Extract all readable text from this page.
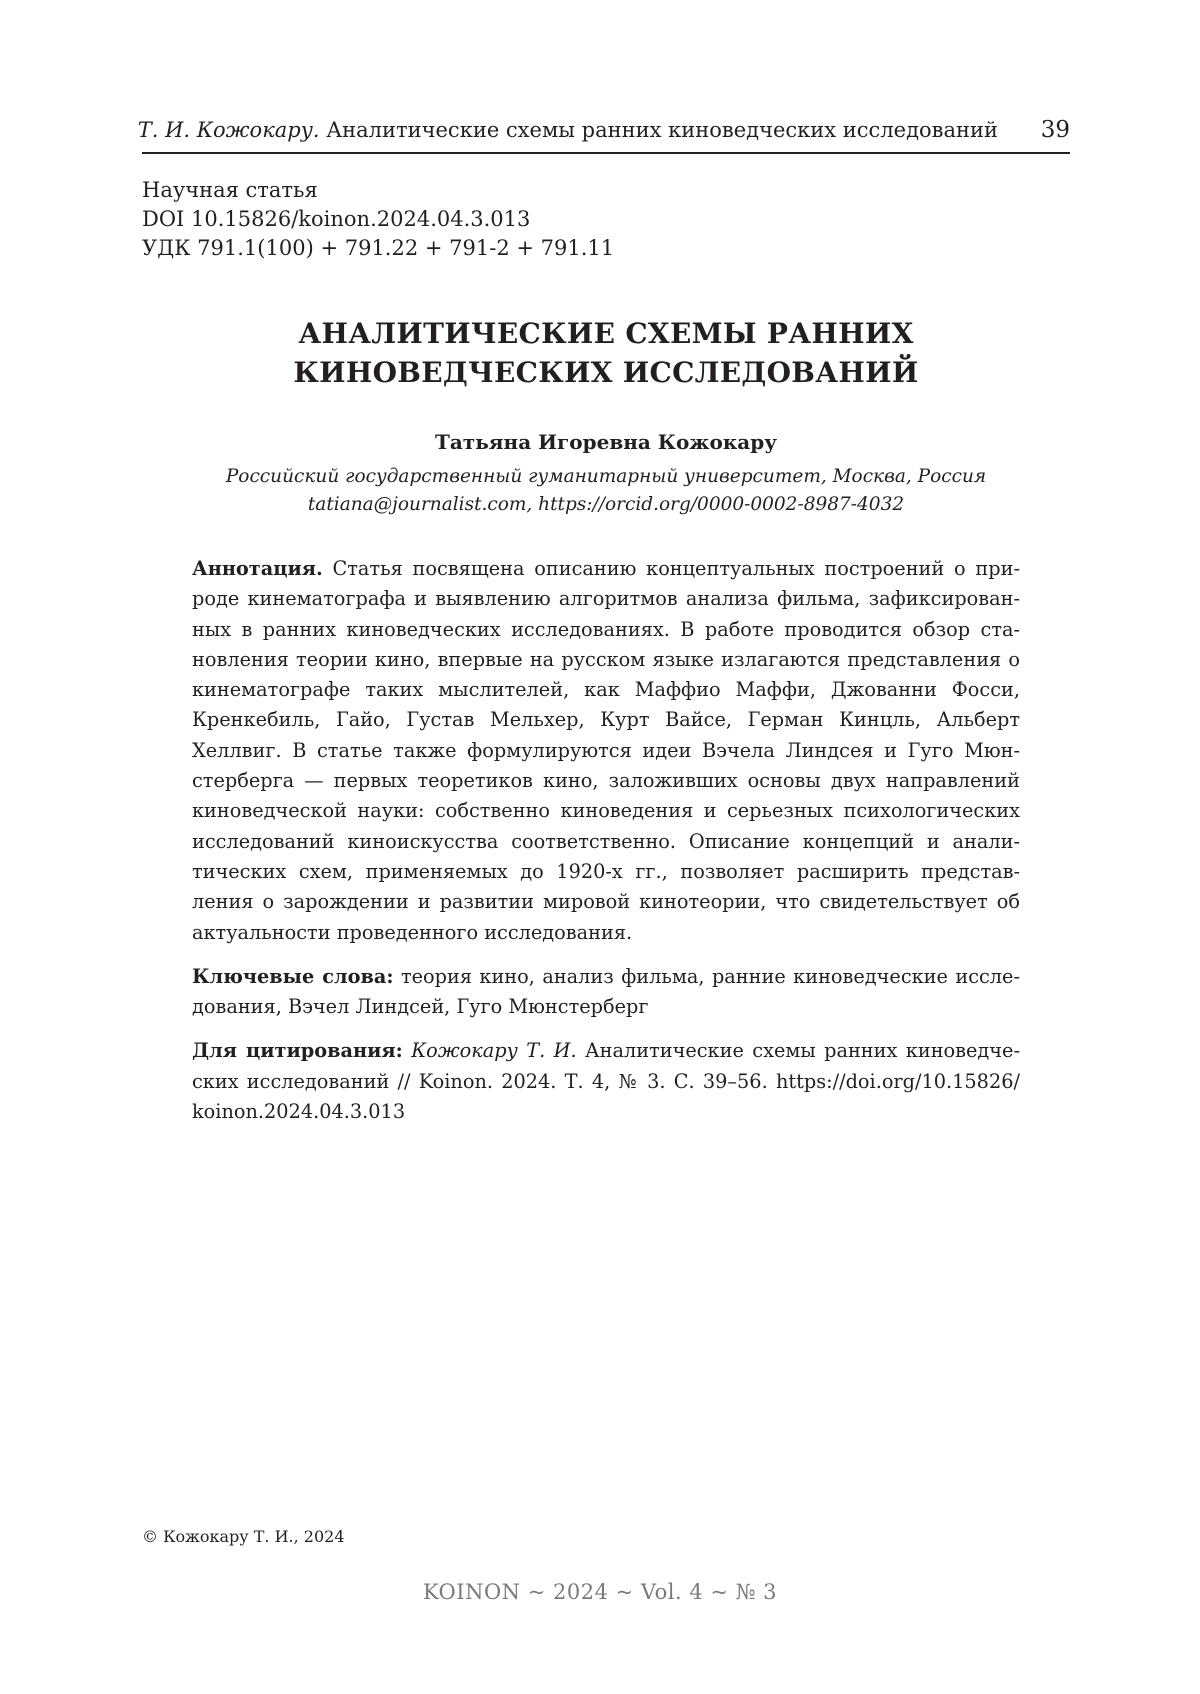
Т. И. Кожокару. Аналитические схемы ранних киноведческих исследований 39
Научная статья
DOI 10.15826/koinon.2024.04.3.013
УДК 791.1(100) + 791.22 + 791-2 + 791.11
АНАЛИТИЧЕСКИЕ СХЕМЫ РАННИХ
КИНОВЕДЧЕСКИХ ИССЛЕДОВАНИЙ
Татьяна Игоревна Кожокару
Российский государственный гуманитарный университет, Москва, Россия
tatiana@journalist.com, https://orcid.org/0000-0002-8987-4032

Аннотация. Статья посвящена описанию концептуальных построений о природе кинематографа и выявлению алгоритмов анализа фильма, зафиксированных в ранних киноведческих исследованиях. В работе проводится обзор становления теории кино, впервые на русском языке излагаются представления о кинематографе таких мыслителей, как Маффио Маффи, Джованни Фосси, Кренкебиль, Гайо, Густав Мельхер, Курт Вайсе, Герман Кинцль, Альберт Хеллвиг. В статье также формулируются идеи Вэчела Линдсея и Гуго Мюнстерберга — первых теоретиков кино, заложивших основы двух направлений киноведческой науки: собственно киноведения и серьезных психологических исследований киноискусства соответственно. Описание концепций и аналитических схем, применяемых до 1920-х гг., позволяет расширить представления о зарождении и развитии мировой кинотеории, что свидетельствует об актуальности проведенного исследования.

Ключевые слова: теория кино, анализ фильма, ранние киноведческие исследования, Вэчел Линдсей, Гуго Мюнстерберг

Для цитирования: Кожокару Т. И. Аналитические схемы ранних киноведческих исследований // Koinon. 2024. Т. 4, № 3. С. 39–56. https://doi.org/10.15826/​koinon.2024.04.3.013

© Кожокару Т. И., 2024
KOINON ~ 2024 ~ Vol. 4 ~ № 3
